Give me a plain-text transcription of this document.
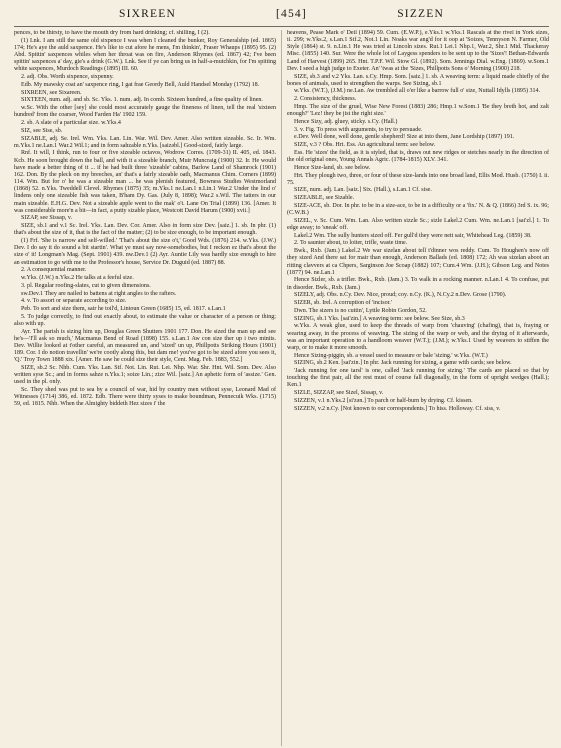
SIXREEN	[454]	SIZZEN

pences, to be thirsty, to have the mouth dry from hard drinking; cf. shilling, I (2).

(1) Lnk. I am still the same old sixpence I was when I cleaned the bunker, Roy Generalship (ed. 1865) 174; He's aye the auld saxpence. He's like to cut afore he mens, I'm thinkin', Fraser Whaups (1895) 95. (2) Abd. Spittin' saxpences whiles when her throat was on fire, Anderson Rhymes (ed. 1867) 42; I've been spittin' saxpences a' day, gie's a drink (G.W.). Lnk. See if ye can bring us in half-a-mutchkin, for I'm spitting white saxpences, Murdoch Readings (1895) III. 60.

2. adj. Obs. Worth sixpence, sixpenny.

Edb. My mawsky coat an' saxpence ring, I gat frae Geordy Bell, Auld Handsel Monday (1792) 18.

SIXREEN, see Sixareen.

SIXTEEN, num. adj. and sb. Sc. Yks. 1. num. adj. In comb. Sixteen hundred, a fine quality of linen.

w.Sc. With the other [sey] she could most accurately gauge the fineness of linen, tell the real 'sixteen hundred' from the coarser, Wood Farden Ha' 1902 159.

2. sb. A slate of a particular size. w.Yks.4

SIZ, see Sise, sb.

SIZABLE, adj. Se. Irel. Wm. Yks. Lan. Lin. War. Wil. Dev. Amer. Also written sizeable. Sc. Ir. Wm. m.Yks.1 ne.Lan.1 War.2 Wil.1; and in form sahzable n.Yks. [saizəbl.] Good-sized, fairly large.

Rnf. It will, I think, run to four or five sizeable octavos, Wodrow Corres. (1709-31) II. 405, ed. 1843. Kcb. He soon brought down the ball, and with it a sizeable branch, Muir Muncraig (1900) 32. Ir. He would have made a better thing of it ... if he had built three 'sizeable' cabins, Barlow Land of Shamrock (1901) 162. Don. By the pleck on my breeches, an' that's a fairly sizeable oath, Macmanus Chim. Corners (1899) 114. Wm. But for o' he was a sizeable man ... he was plenish featured, Bowness Studies Westmorland (1868) 52. n.Yks. Tweddell Clevel. Rhymes (1875) 35; m.Yks.1 ne.Lan.1 n.Lin.1 War.2 Under the lind o' lindens only one sizeable fish was taken, B'ham Dy. Gas. (July 8, 1898); War.2 s.Wil. The tatters in our main sizeable. E.H.G. Dev. Not a sizeable apple went to the mak' o't. Lane On Trial (1899) 136. [Amer. It was considerable more'n a bit—in fact, a putty sizable place, Westcott David Harum (1900) xvii.]

SIZAP, see Sissap, v.

SIZE, sb.1 and v.1 Sc. Irel. Yks. Lan. Dev. Cor. Amer. Also in form size Dev. [saiz.] 1. sb. In phr. (1) that's about the size of it, that is the fact of the matter; (2) to be size enough, to be important enough.

(1) Frf. 'She is narrow and self-willed.' 'That's about the size o't,' Good Wds. (1876) 214. w.Yks. (J.W.) Dev. I do say it do sound a bit startin'. What ye must say now-somebodies, but I reckon ez that's about the size o' it! Longman's Mag. (Sept. 1901) 439. nw.Dev.1 (2) Ayr. Auntie Lily was hardly size enough to hire an estimation to go with me to the Professor's house, Service Dr. Duguid (ed. 1887) 88.

2. A consequential manner.

w.Yks. (J.W.) n.Yks.2 He talks at a feeful size.

3. pl. Regular roofing-slates, cut to given dimensions.

sw.Dev.1 They are nailed to battens at right angles to the rafters.

4. v. To assort or separate according to size.

Peb. To sort and size them, sair he toil'd, Lintoun Green (1685) 15, ed. 1817. s.Lan.1

5. To judge correctly, to find out exactly about, to estimate the value or character of a person or thing; also with up.

Ayr. The parish is sizing him up, Douglas Green Shutters 1901 177. Don. He sized the man up and see he's—'I'll ask so much,' Macmanus Bend of Road (1898) 155. s.Lan.1 Aw con size ther up i two minits. Dev. Willie looked at t'other careful, an measured un, and 'sized' un up, Phillpotts Striking Hours (1901) 189. Cor. I do notion travellin' we're cootly along this, but dam me! you've got to be sized afore you sees it, 'Q.' Troy Town 1888 xix. [Amer. He saw he could size their style, Cent. Mag. Feb. 1883, 552.]

SIZE, sb.2 Sc. Nhb. Cum. Yks. Lan. Stf. Not. Lin. Rut. Lei. Nhp. War. Shr. Hnt. Wil. Som. Dev. Also written syse Sc.; and in forms sahze n.Yks.1; soize Lin.; zize Wil. [saiz.] An aphetic form of 'assize.' Gen. used in the pl. only.

Sc. They shed was put to sea by a council of war, hid by country men without syse, Leonard Mad of Witnesses (1714) 386, ed. 1872. Edb. There were thirty syses to make boundman, Pennecuik Wks. (1715) 59, ed. 1815. Nhb. When the Almighty biddeth Hez sizes i' the

heavens, Pease Mark o' Deil (1894) 59. Cum. (E.W.P.), e.Yks.1 w.Yks.1 Rascals at the rivel in York sizes, ii. 299; w.Yks.2, s.Lan.1 Stf.2, Not.1 Lin. Noaks war ang'd for it oop at 'Soizes, Tennyson N. Farmer, Old Style (1864) st. 9. n.Lin.1 He was tried at Lincoln sizes. Rut.1 Lei.1 Nhp.1, War.2, Shr.1 Mid. Thackeray Misc. (1855) 140. Sur. Were the whole lot of Laygess spenders to be sent up to the 'Sizes'! Bethan-Edwards Land of Harvest (1899) 265. Hnt. T.P.F. Wil. Stow Gl. (1892). Som. Jennings Dial. w.Eng. (1869). w.Som.1 Dev. I seed a high judge to Exeter. An' 'twas at the 'Sizes, Phillpotts Sons o' Morning (1900) 218.

SIZE, sb.3 and v.2 Yks. Lan. s.Cy. Hmp. Som. [saiz.] 1. sb. A weaving term: a liquid made chiefly of the bones of animals, used to strengthen the warps. See Sizing, sb.1

w.Yks. (W.T.), (J.M.) ne.Lan. Aw trembled all o'er like a barrow full o' size, Nuttall Idylls (1895) 314.

2. Consistency, thickness.

Hmp. The size of the gruel, Wise New Forest (1883) 286; Hmp.1 w.Som.1 'Be they breth hot, and zalt enough?' 'Lez! they be jist the right size.'

Hence Sizy, adj. gluey, sticky. s.Cy. (Hall.)

3. v. Fig. To press with arguments, to try to persuade.

e.Dev. Well done, well done, gentle shepherd! Size at into them, Jane Lordship (1897) 191.

SIZE, v.3 ? Obs. Hrt. Ess. An agricultural term: see below.

Ess. He 'sizes' the field, as it is styled, that is, draws out new ridges or stetches nearly in the direction of the old original ones, Young Annals Agric. (1784-1815) XLV. 341.

Hence Size-land, sb. see below.

Hrt. They plough two, three, or four of these size-lands into one broad land, Ellis Mod. Husb. (1750) I. ii. 75.

SIZE, num. adj. Lan. [saiz.] Six. (Hall.), s.Lan.1 Cf. sise.

SIZEABLE, see Sizable.

SIZE-ACE, sb. Dor. In phr. to be in a size-ace, to be in a difficulty or a 'fix.' N. & Q. (1866) 3rd S. ix. 96; (C.W.B.)

SIZEL, v. Sc. Cum. Wm. Lan. Also written sizzle Sc.; sizle Lakel.2 Cum. Wm. ne.Lan.1 [sai'zl.] 1. To edge away; to 'sneak' off.

Lakel.2 Wm. The sully hunters sized off. Fer gull'd they were nett sair, Whitehead Leg. (1859) 38.

2. To saunter about, to loiter, trifle, waste time.

Bwk., Rxb. (Jam.) Lakel.2 We war sizelan about tell t'dinner wos reddy. Cum. To Houghen's now off they sized And there sat for mair than enough, Anderson Ballads (ed. 1808) 172; Ah was sizelan aboot an ritting clavvers at ca Chpers, Sarginson Joe Scoap (1882) 107; Cum.4 Wm. (J.H.); Gibson Leg. and Notes (1877) 94. ne.Lan.1

Hence Sizler, sb. a trifler. Bwk., Rxb. (Jam.) 3. To walk in a rocking manner. n.Lan.1 4. To confuse, put in disorder. Bwk., Rxb. (Jam.)

SIZELY, adj. Obs. n.Cy. Dev. Nice, proud; coy. n.Cy. (K.), N.Cy.2 n.Dev. Grose (1790).

SIZER, sb. Irel. A corruption of 'incisor.'

Dwn. The sizers is no cuttin', Lyttle Robin Gordon, 52.

SIZING, sb.1 Yks. [sai'zin.] A weaving term: see below. See Size, sb.3

w.Yks. A weak glue, used to keep the threads of warp from 'chauving' (chafing), that is, fraying or wearing away, in the process of weaving. The sizing of the warp or web, and the drying of it afterwards, was an important operation to a handloom weaver (W.T.); (J.M.); w.Yks.1 Used by weavers to stiffen the warp, or to make it more smooth.

Hence Sizing-piggin, sb. a vessel used to measure or bale 'sizing.' w.Yks. (W.T.)

SIZING, sb.2 Ken. [sai'zin.] In phr. Jack running for sizing, a game with cards; see below.

'Jack running for one tarsl' is one, called 'Jack running for sizing.' The cards are placed so that by touching the first pair, all the rest must of course fall diagonally, in the form of upright wedges (Hall.); Ken.1

SIZLE, SIZZAP, see Sizel, Sissap, v.

SIZZEN, v.1 n.Yks.2 [si'zən.] To parch or half-burn by drying. Cf. kissen.

SIZZEN, v.2 n.Cy. [Not known to our correspondents.] To hiss. Holloway. Cf. siss, v.
